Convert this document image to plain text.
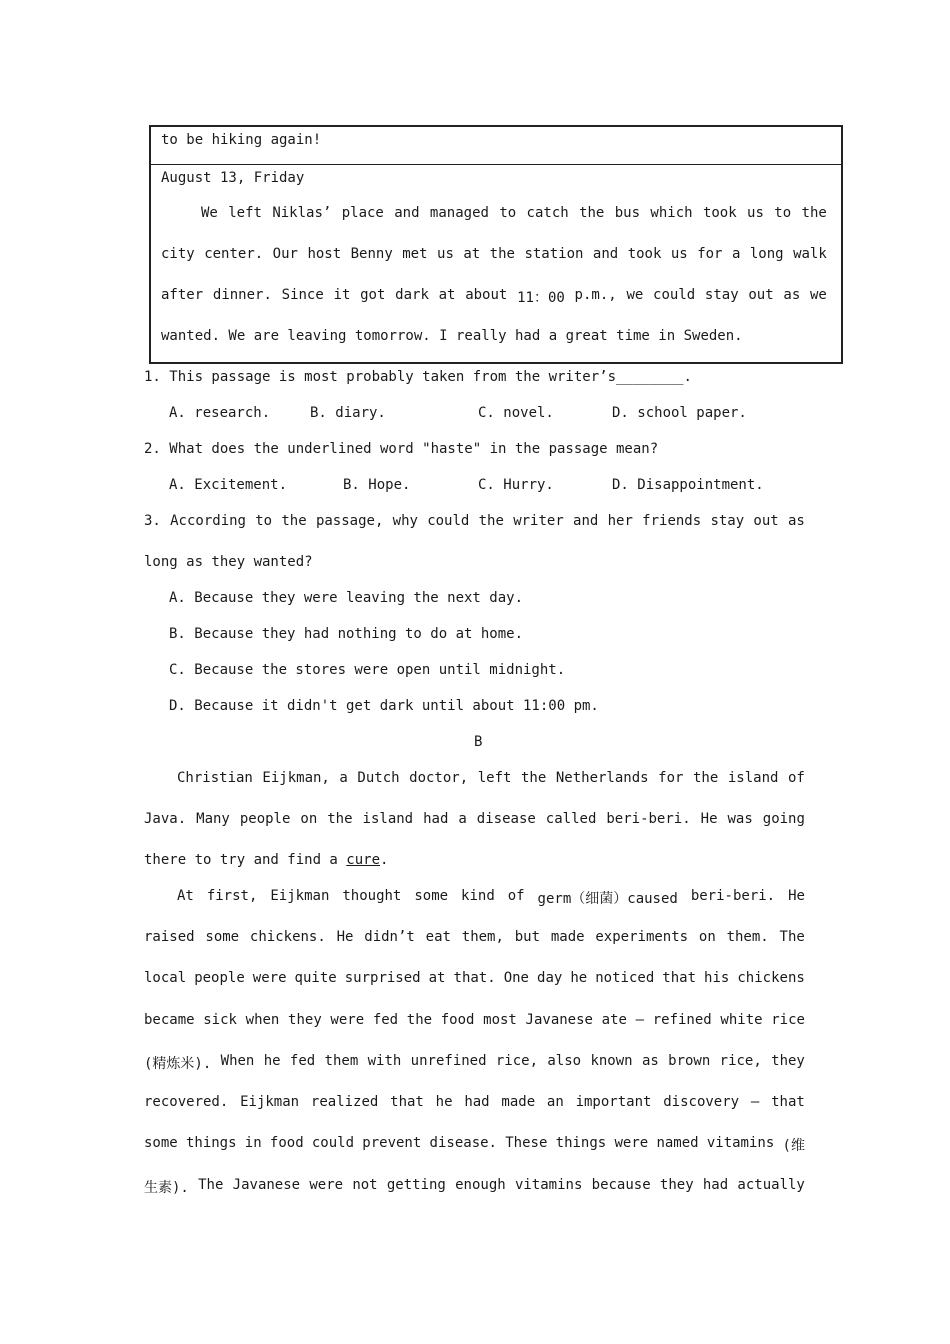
to be hiking again!
August 13, Friday
We left Niklas’ place and managed to catch the bus which took us to the
city center. Our host Benny met us at the station and took us for a long walk
after dinner. Since it got dark at about 11：00 p.m., we could stay out as we
wanted. We are leaving tomorrow. I really had a great time in Sweden.
1. This passage is most probably taken from the writer’s________.
A. research.	B. diary.	C. novel.	D. school paper.
2. What does the underlined word "haste" in the passage mean?
A. Excitement.	B. Hope.	C. Hurry.	D. Disappointment.
3. According to the passage, why could the writer and her friends stay out as
long as they wanted?
A. Because they were leaving the next day.
B. Because they had nothing to do at home.
C. Because the stores were open until midnight.
D. Because it didn't get dark until about 11:00 pm.
B
Christian Eijkman, a Dutch doctor, left the Netherlands for the island of
Java. Many people on the island had a disease called beri-beri. He was going
there to try and find a cure.
At first, Eijkman thought some kind of germ（细菌）caused beri-beri. He
raised some chickens. He didn’t eat them, but made experiments on them. The
local people were quite surprised at that. One day he noticed that his chickens
became sick when they were fed the food most Javanese ate — refined white rice
(精炼米). When he fed them with unrefined rice, also known as brown rice, they
recovered. Eijkman realized that he had made an important discovery — that
some things in food could prevent disease. These things were named vitamins (维
生素). The Javanese were not getting enough vitamins because they had actually
